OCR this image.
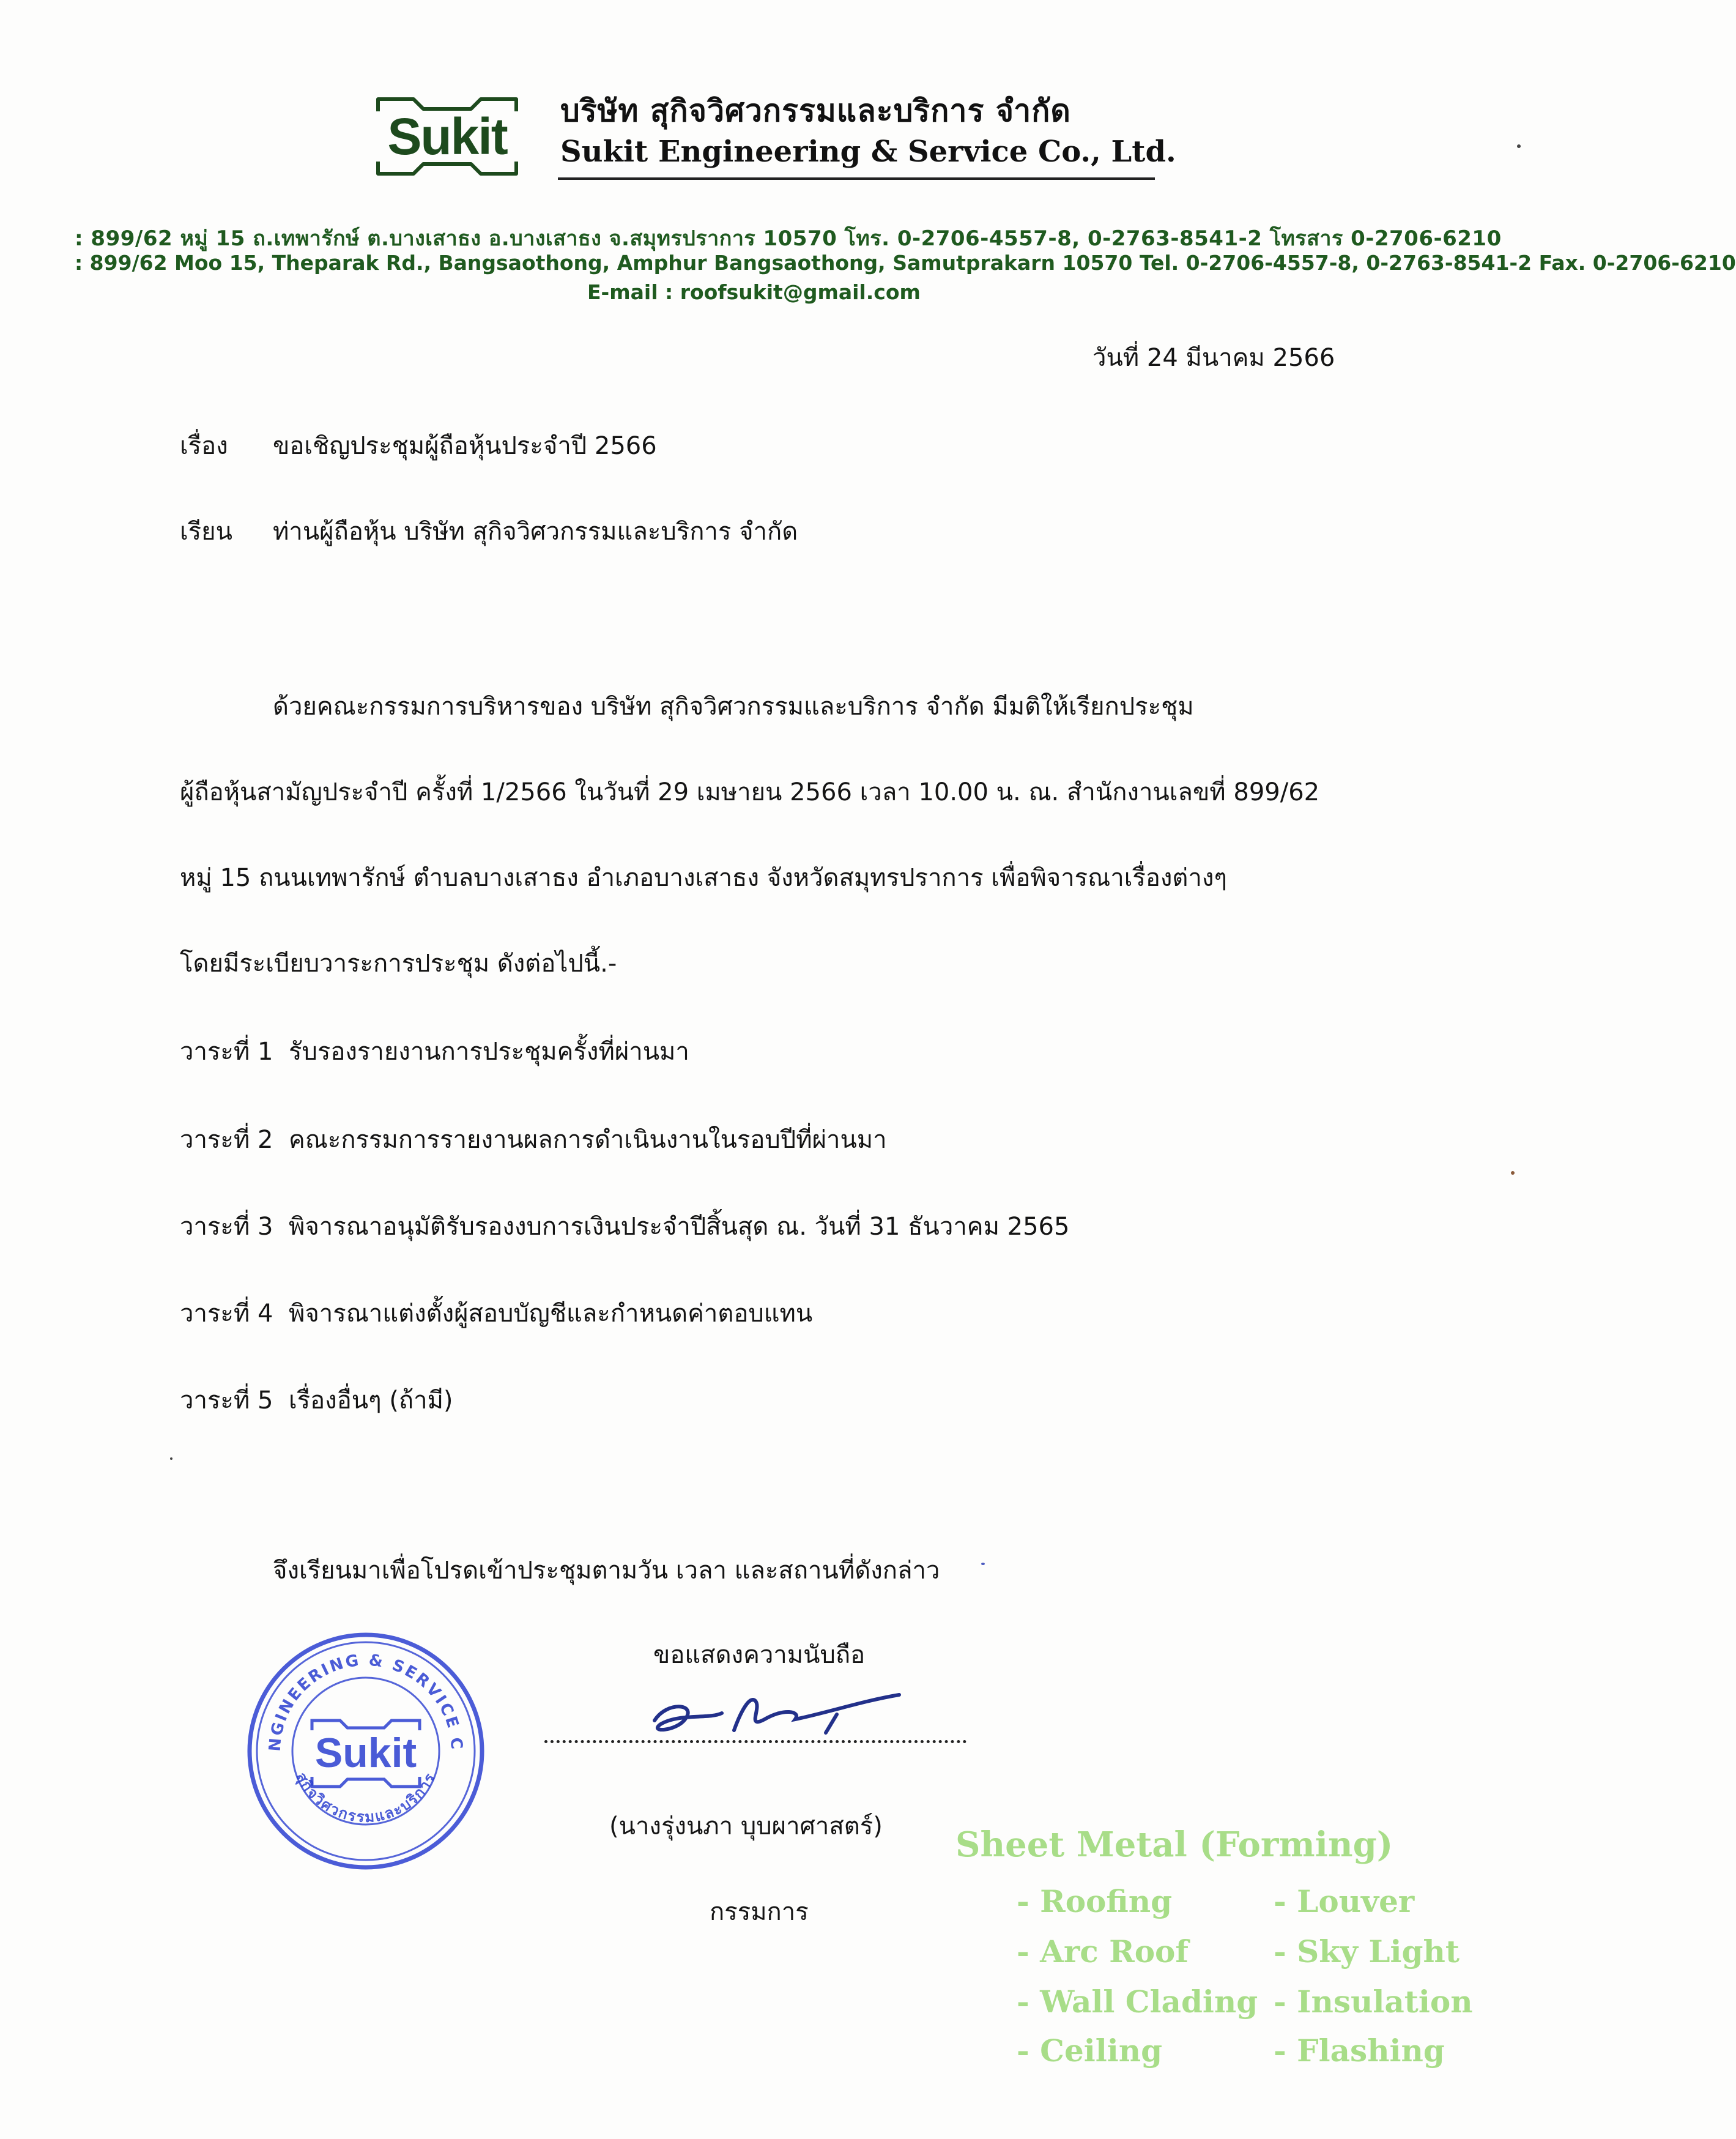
Sukit	บริษัท สุกิจวิศวกรรมและบริการ จำกัด
Sukit Engineering & Service Co., Ltd.
: 899/62 หมู่ 15 ถ.เทพารักษ์ ต.บางเสาธง อ.บางเสาธง จ.สมุทรปราการ 10570 โทร. 0-2706-4557-8, 0-2763-8541-2 โทรสาร 0-2706-6210
: 899/62 Moo 15, Theparak Rd., Bangsaothong, Amphur Bangsaothong, Samutprakarn 10570 Tel. 0-2706-4557-8, 0-2763-8541-2 Fax. 0-2706-6210
E-mail : roofsukit@gmail.com
วันที่ 24 มีนาคม 2566
เรื่อง ขอเชิญประชุมผู้ถือหุ้นประจำปี 2566
เรียน ท่านผู้ถือหุ้น บริษัท สุกิจวิศวกรรมและบริการ จำกัด
ด้วยคณะกรรมการบริหารของ บริษัท สุกิจวิศวกรรมและบริการ จำกัด มีมติให้เรียกประชุม
ผู้ถือหุ้นสามัญประจำปี ครั้งที่ 1/2566 ในวันที่ 29 เมษายน 2566 เวลา 10.00 น. ณ. สำนักงานเลขที่ 899/62
หมู่ 15 ถนนเทพารักษ์ ตำบลบางเสาธง อำเภอบางเสาธง จังหวัดสมุทรปราการ เพื่อพิจารณาเรื่องต่างๆ
โดยมีระเบียบวาระการประชุม ดังต่อไปนี้.-
วาระที่ 1 รับรองรายงานการประชุมครั้งที่ผ่านมา
วาระที่ 2 คณะกรรมการรายงานผลการดำเนินงานในรอบปีที่ผ่านมา
วาระที่ 3 พิจารณาอนุมัติรับรองงบการเงินประจำปีสิ้นสุด ณ. วันที่ 31 ธันวาคม 2565
วาระที่ 4 พิจารณาแต่งตั้งผู้สอบบัญชีและกำหนดค่าตอบแทน
วาระที่ 5 เรื่องอื่นๆ (ถ้ามี)
จึงเรียนมาเพื่อโปรดเข้าประชุมตามวัน เวลา และสถานที่ดังกล่าว
ขอแสดงความนับถือ
(นางรุ่งนภา บุบผาศาสตร์)
กรรมการ
NGINEERING & SERVICE C
สุกิจวิศวกรรมและบริการ
Sukit
Sheet Metal (Forming)
- Roofing
- Arc Roof
- Wall Clading
- Ceiling
- Louver
- Sky Light
- Insulation
- Flashing
